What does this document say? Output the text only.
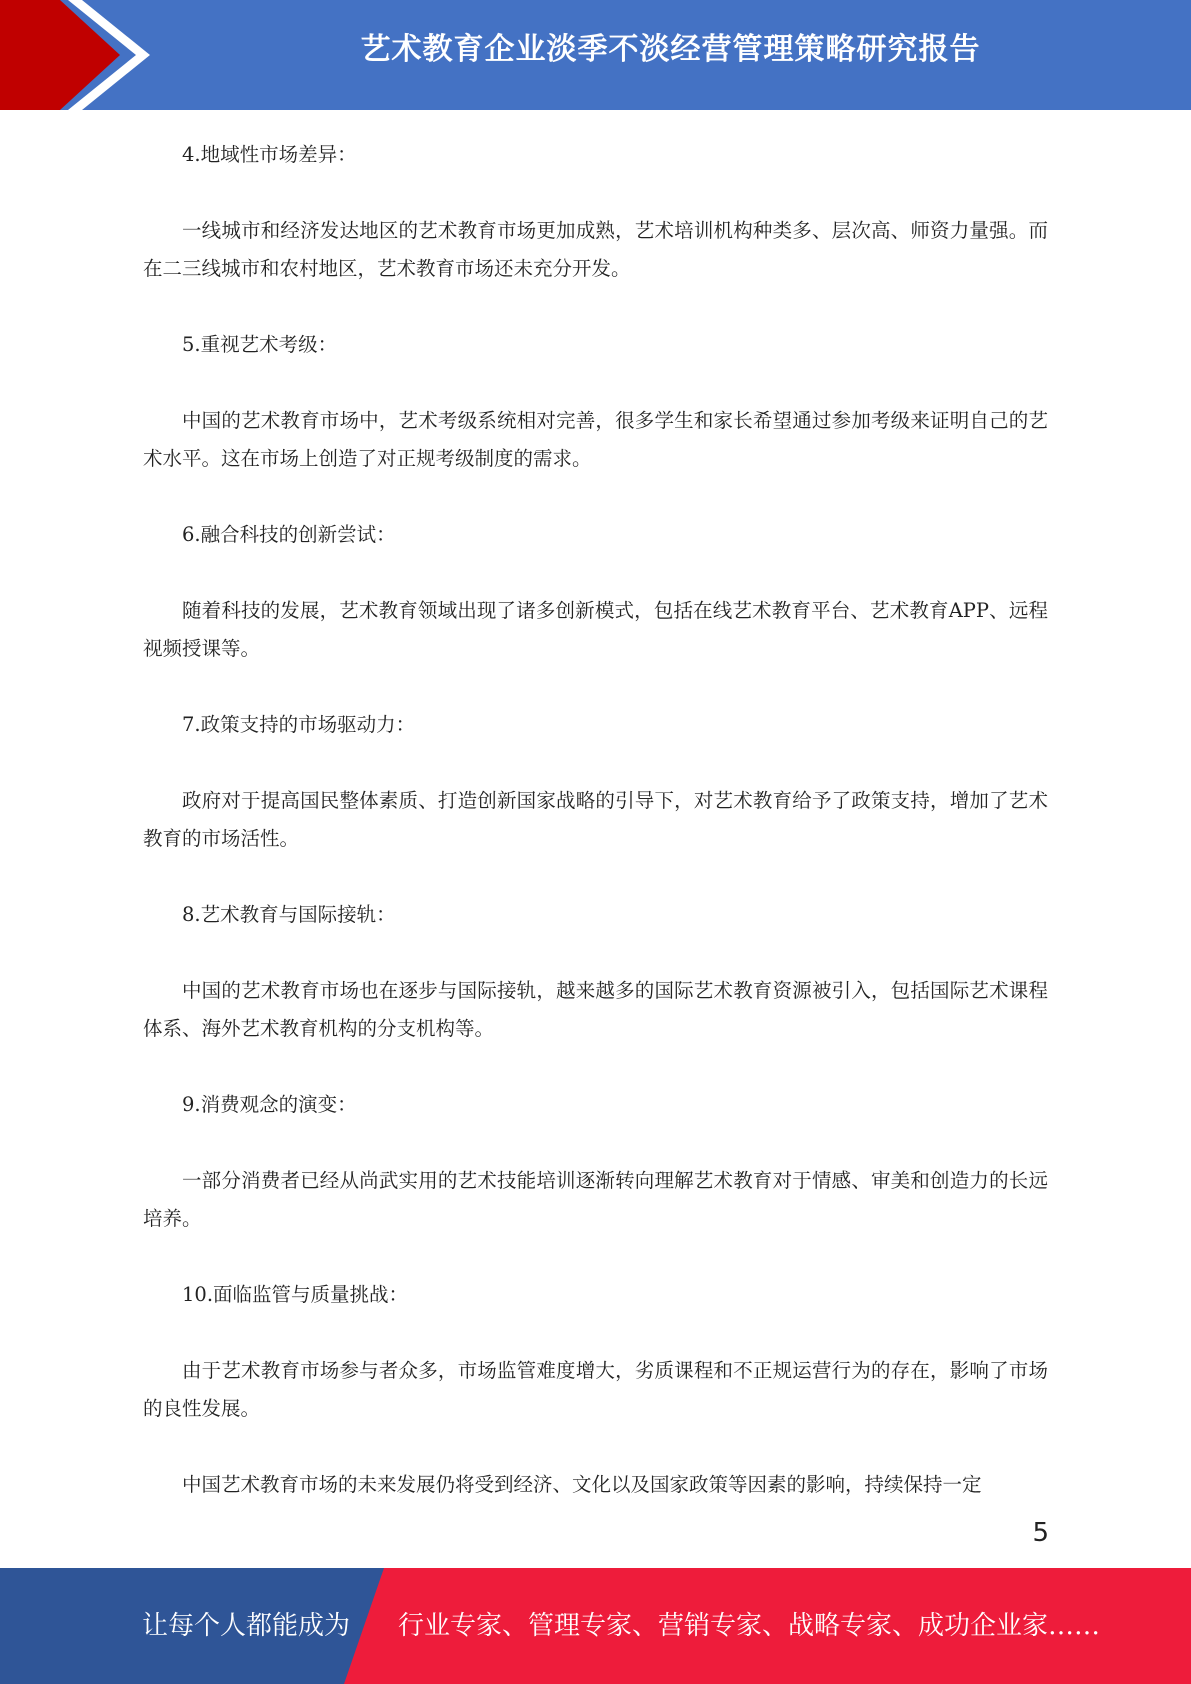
艺术教育企业淡季不淡经营管理策略研究报告

4.地域性市场差异：

一线城市和经济发达地区的艺术教育市场更加成熟，艺术培训机构种类多、层次高、师资力量强。而在二三线城市和农村地区，艺术教育市场还未充分开发。

5.重视艺术考级：

中国的艺术教育市场中，艺术考级系统相对完善，很多学生和家长希望通过参加考级来证明自己的艺术水平。这在市场上创造了对正规考级制度的需求。

6.融合科技的创新尝试：

随着科技的发展，艺术教育领域出现了诸多创新模式，包括在线艺术教育平台、艺术教育APP、远程视频授课等。

7.政策支持的市场驱动力：

政府对于提高国民整体素质、打造创新国家战略的引导下，对艺术教育给予了政策支持，增加了艺术教育的市场活性。

8.艺术教育与国际接轨：

中国的艺术教育市场也在逐步与国际接轨，越来越多的国际艺术教育资源被引入，包括国际艺术课程体系、海外艺术教育机构的分支机构等。

9.消费观念的演变：

一部分消费者已经从尚武实用的艺术技能培训逐渐转向理解艺术教育对于情感、审美和创造力的长远培养。

10.面临监管与质量挑战：

由于艺术教育市场参与者众多，市场监管难度增大，劣质课程和不正规运营行为的存在，影响了市场的良性发展。

中国艺术教育市场的未来发展仍将受到经济、文化以及国家政策等因素的影响，持续保持一定

5
让每个人都能成为 行业专家、管理专家、营销专家、战略专家、成功企业家……
